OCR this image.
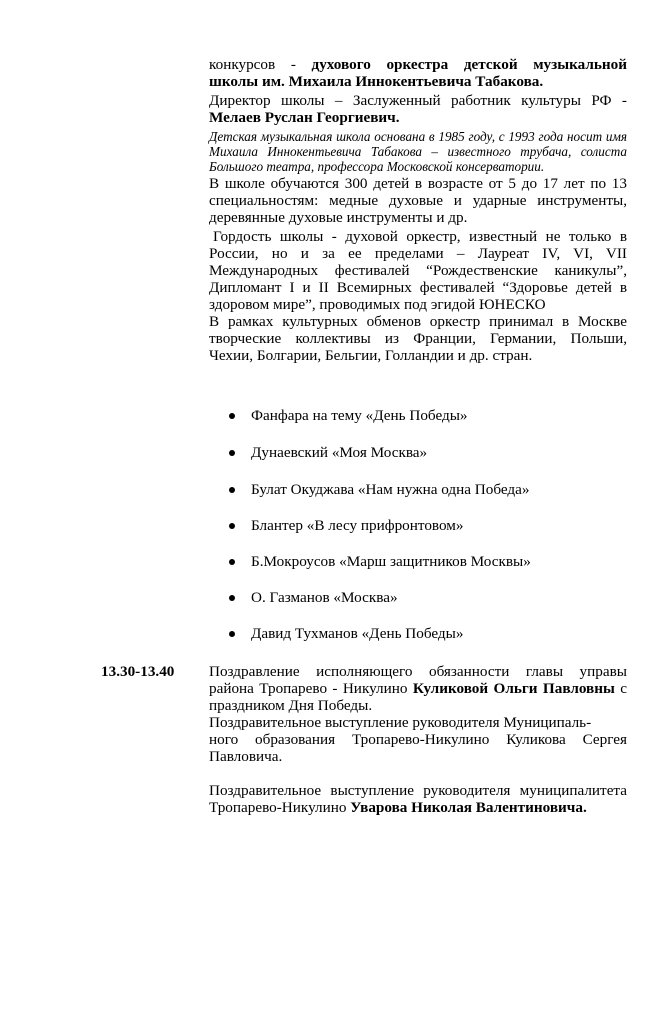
конкурсов - духового оркестра детской музыкальной

школы им. Михаила Иннокентьевича Табакова.

Директор школы – Заслуженный работник культуры РФ -

Мелаев Руслан Георгиевич.

Детская музыкальная школа основана в 1985 году, с 1993 года носит имя

Михаила Иннокентьевича Табакова – известного трубача, солиста

Большого театра, профессора Московской консерватории.

В школе обучаются 300 детей в возрасте от 5 до 17 лет по 13

специальностям: медные духовые и ударные инструменты,

деревянные духовые инструменты и др.

Гордость школы - духовой оркестр, известный не только в

России, но и за ее пределами – Лауреат IV, VI, VII

Международных фестивалей “Рождественские каникулы”,

Дипломант I и II Всемирных фестивалей “Здоровье детей в

здоровом мире”, проводимых под эгидой ЮНЕСКО

В рамках культурных обменов оркестр принимал в Москве

творческие коллективы из Франции, Германии, Польши,

Чехии, Болгарии, Бельгии, Голландии и др. стран.

Фанфара на тему «День Победы»
Дунаевский «Моя Москва»
Булат Окуджава «Нам нужна одна Победа»
Блантер «В лесу прифронтовом»
Б.Мокроусов «Марш защитников Москвы»
О. Газманов «Москва»
Давид Тухманов «День Победы»
13.30-13.40 Поздравление исполняющего обязанности главы управы

района Тропарево - Никулино Куликовой Ольги Павловны с

праздником Дня Победы.

Поздравительное выступление руководителя Муниципаль-

ного образования Тропарево-Никулино Куликова Сергея

Павловича.

Поздравительное выступление руководителя муниципалитета

Тропарево-Никулино Уварова Николая Валентиновича.
